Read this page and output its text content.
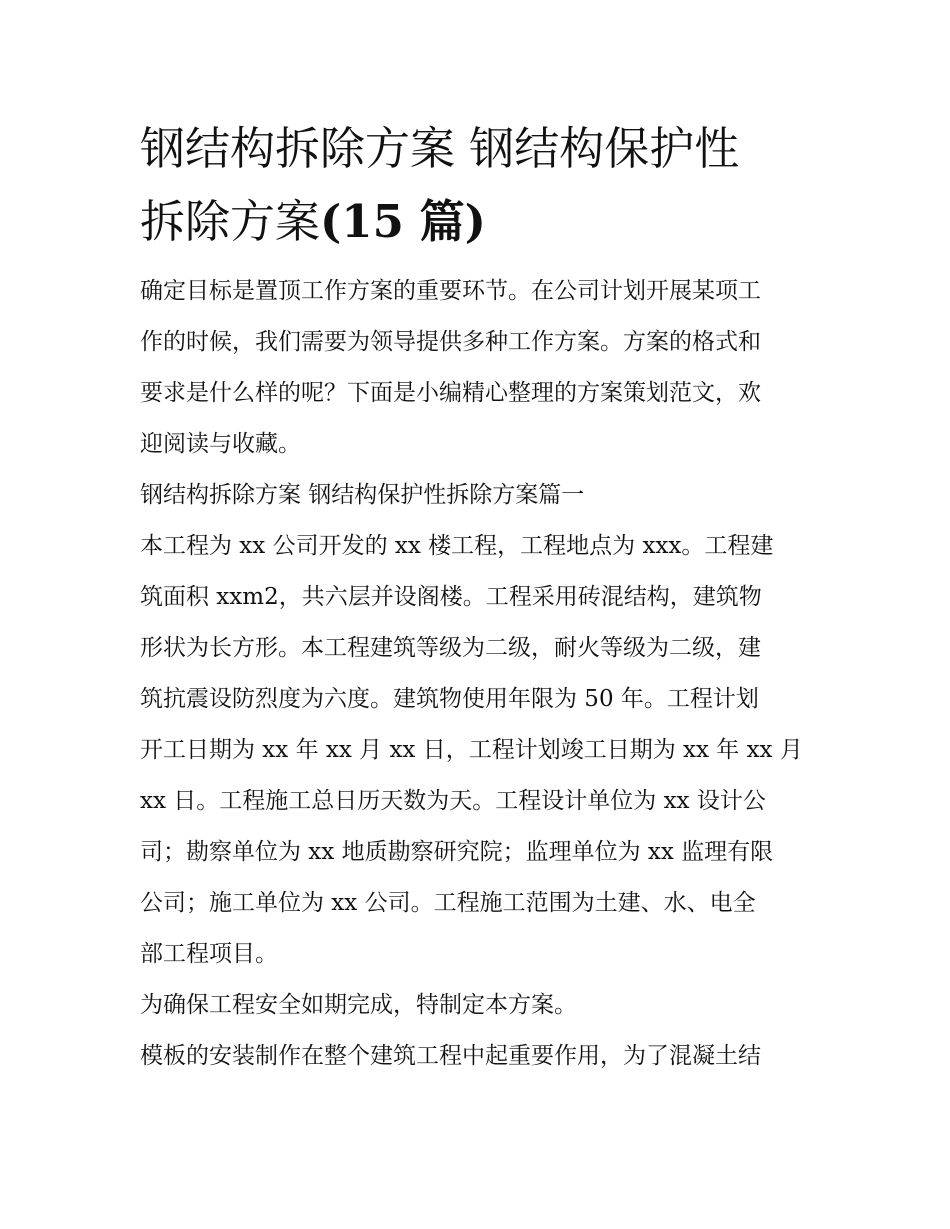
钢结构拆除方案 钢结构保护性
拆除方案(15 篇)

确定目标是置顶工作方案的重要环节。在公司计划开展某项工
作的时候，我们需要为领导提供多种工作方案。方案的格式和
要求是什么样的呢？下面是小编精心整理的方案策划范文，欢
迎阅读与收藏。

钢结构拆除方案 钢结构保护性拆除方案篇一

本工程为 xx 公司开发的 xx 楼工程，工程地点为 xxx。工程建
筑面积 xxm2，共六层并设阁楼。工程采用砖混结构，建筑物
形状为长方形。本工程建筑等级为二级，耐火等级为二级，建
筑抗震设防烈度为六度。建筑物使用年限为 50 年。工程计划
开工日期为 xx 年 xx 月 xx 日，工程计划竣工日期为 xx 年 xx 月
xx 日。工程施工总日历天数为天。工程设计单位为 xx 设计公
司；勘察单位为 xx 地质勘察研究院；监理单位为 xx 监理有限
公司；施工单位为 xx 公司。工程施工范围为土建、水、电全
部工程项目。

为确保工程安全如期完成，特制定本方案。

模板的安装制作在整个建筑工程中起重要作用，为了混凝土结
